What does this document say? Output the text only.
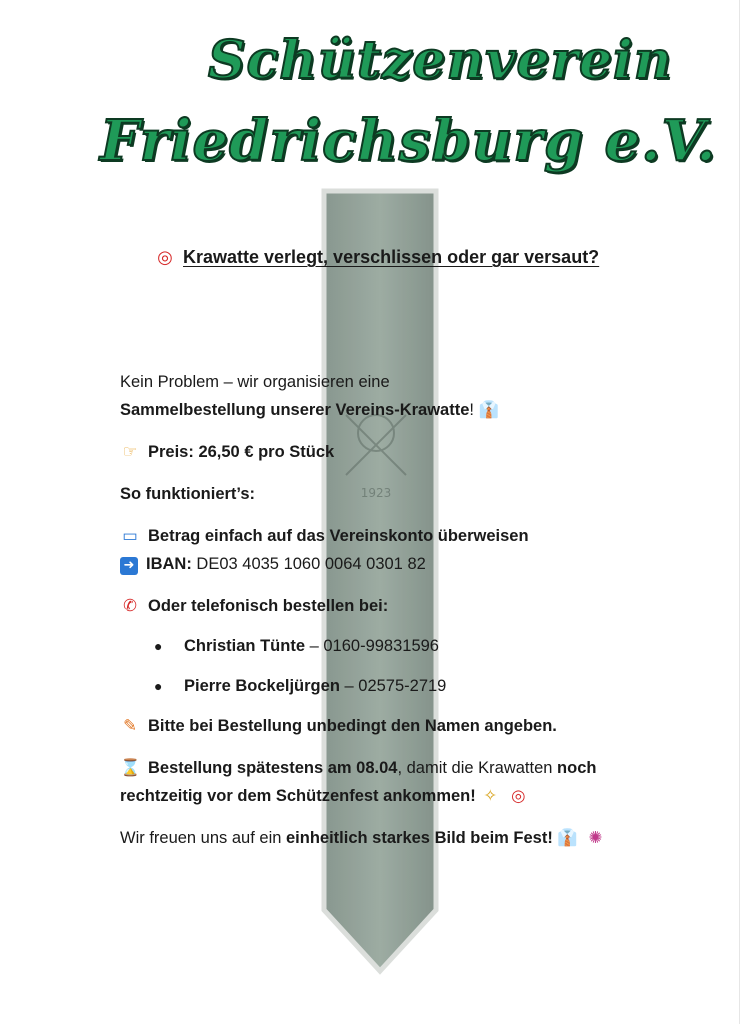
Schützenverein
Friedrichsburg e.V.
1923
◎ Krawatte verlegt, verschlissen oder gar versaut?

Kein Problem – wir organisieren eine

Sammelbestellung unserer Vereins-Krawatte! 👔

☞ Preis: 26,50 € pro Stück

So funktioniert’s:

▭ Betrag einfach auf das Vereinskonto überweisen

➜ IBAN: DE03 4035 1060 0064 0301 82

✆ Oder telefonisch bestellen bei:

● Christian Tünte – 0160-99831596
● Pierre Bockeljürgen – 02575-2719

✎ Bitte bei Bestellung unbedingt den Namen angeben.

⌛ Bestellung spätestens am 08.04, damit die Krawatten noch

rechtzeitig vor dem Schützenfest ankommen! ✧ ◎

Wir freuen uns auf ein einheitlich starkes Bild beim Fest! 👔 ✺
